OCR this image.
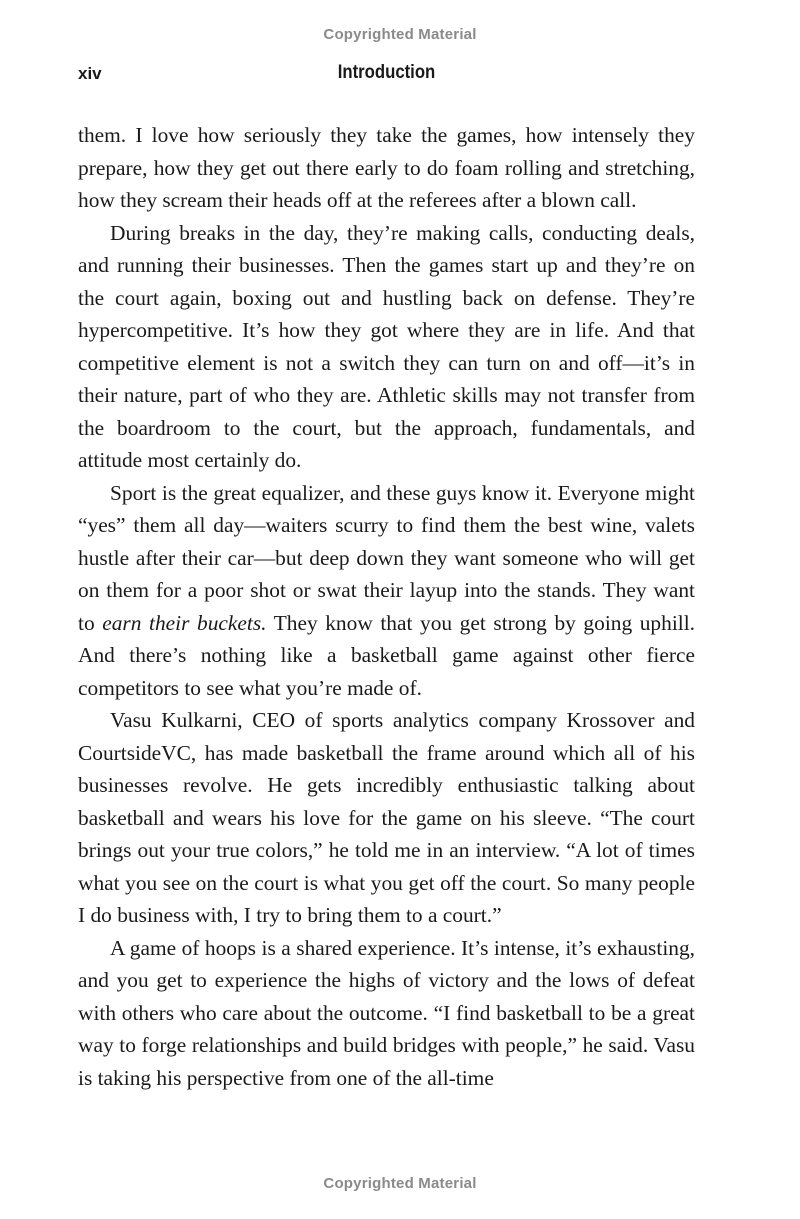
Copyrighted Material
xiv	Introduction

them. I love how seriously they take the games, how intensely they prepare, how they get out there early to do foam rolling and stretching, how they scream their heads off at the referees after a blown call.

During breaks in the day, they’re making calls, conducting deals, and running their businesses. Then the games start up and they’re on the court again, boxing out and hustling back on defense. They’re hypercompetitive. It’s how they got where they are in life. And that competitive element is not a switch they can turn on and off—it’s in their nature, part of who they are. Athletic skills may not transfer from the boardroom to the court, but the approach, fundamentals, and attitude most certainly do.

Sport is the great equalizer, and these guys know it. Everyone might “yes” them all day—waiters scurry to find them the best wine, valets hustle after their car—but deep down they want someone who will get on them for a poor shot or swat their layup into the stands. They want to earn their buckets. They know that you get strong by going uphill. And there’s nothing like a basketball game against other fierce competitors to see what you’re made of.

Vasu Kulkarni, CEO of sports analytics company Krossover and CourtsideVC, has made basketball the frame around which all of his businesses revolve. He gets incredibly enthusiastic talking about basketball and wears his love for the game on his sleeve. “The court brings out your true colors,” he told me in an interview. “A lot of times what you see on the court is what you get off the court. So many people I do business with, I try to bring them to a court.”

A game of hoops is a shared experience. It’s intense, it’s exhausting, and you get to experience the highs of victory and the lows of defeat with others who care about the outcome. “I find basketball to be a great way to forge relationships and build bridges with people,” he said. Vasu is taking his perspective from one of the all-time

Copyrighted Material
